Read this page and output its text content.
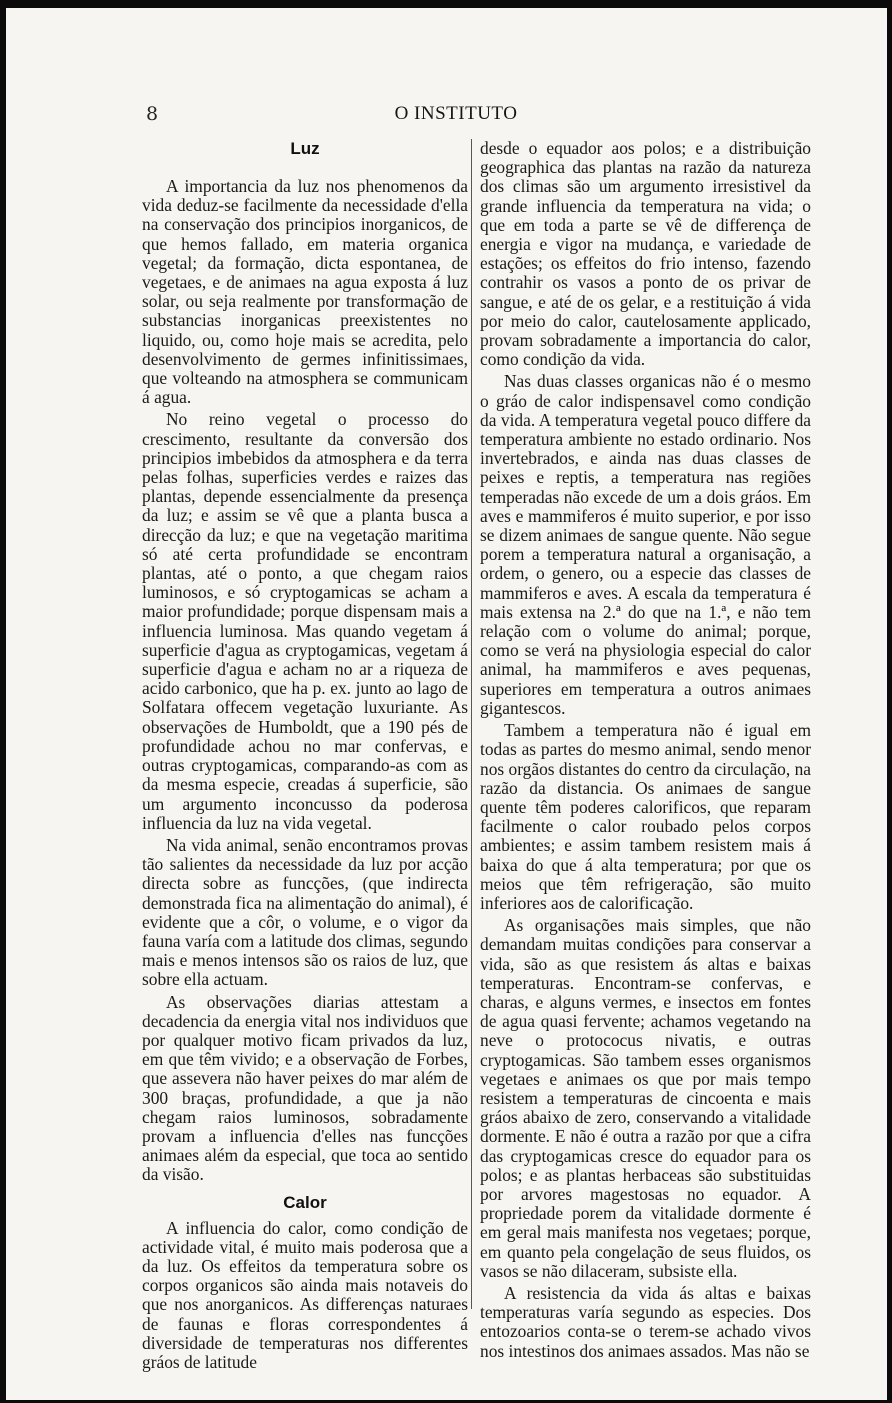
8	O INSTITUTO
Luz

A importancia da luz nos phenomenos da vida deduz-se facilmente da necessidade d'ella na conservação dos principios inorganicos, de que hemos fallado, em materia organica vegetal; da formação, dicta espontanea, de vegetaes, e de animaes na agua exposta á luz solar, ou seja realmente por transformação de substancias inorganicas preexistentes no liquido, ou, como hoje mais se acredita, pelo desenvolvimento de germes infinitissimaes, que volteando na atmosphera se communicam á agua.

No reino vegetal o processo do crescimento, resultante da conversão dos principios imbebidos da atmosphera e da terra pelas folhas, superficies verdes e raizes das plantas, depende essencialmente da presença da luz; e assim se vê que a planta busca a direcção da luz; e que na vegetação maritima só até certa profundidade se encontram plantas, até o ponto, a que chegam raios luminosos, e só cryptogamicas se acham a maior profundidade; porque dispensam mais a influencia luminosa. Mas quando vegetam á superficie d'agua as cryptogamicas, vegetam á superficie d'agua e acham no ar a riqueza de acido carbonico, que ha p. ex. junto ao lago de Solfatara offecem vegetação luxuriante. As observações de Humboldt, que a 190 pés de profundidade achou no mar confervas, e outras cryptogamicas, comparando-as com as da mesma especie, creadas á superficie, são um argumento inconcusso da poderosa influencia da luz na vida vegetal.

Na vida animal, senão encontramos provas tão salientes da necessidade da luz por acção directa sobre as funcções, (que indirecta demonstrada fica na alimentação do animal), é evidente que a côr, o volume, e o vigor da fauna varía com a latitude dos climas, segundo mais e menos intensos são os raios de luz, que sobre ella actuam.

As observações diarias attestam a decadencia da energia vital nos individuos que por qualquer motivo ficam privados da luz, em que têm vivido; e a observação de Forbes, que assevera não haver peixes do mar além de 300 braças, profundidade, a que ja não chegam raios luminosos, sobradamente provam a influencia d'elles nas funcções animaes além da especial, que toca ao sentido da visão.

Calor

A influencia do calor, como condição de actividade vital, é muito mais poderosa que a da luz. Os effeitos da temperatura sobre os corpos organicos são ainda mais notaveis do que nos anorganicos. As differenças naturaes de faunas e floras correspondentes á diversidade de temperaturas nos differentes gráos de latitude

desde o equador aos polos; e a distribuição geographica das plantas na razão da natureza dos climas são um argumento irresistivel da grande influencia da temperatura na vida; o que em toda a parte se vê de differença de energia e vigor na mudança, e variedade de estações; os effeitos do frio intenso, fazendo contrahir os vasos a ponto de os privar de sangue, e até de os gelar, e a restituição á vida por meio do calor, cautelosamente applicado, provam sobradamente a importancia do calor, como condição da vida.

Nas duas classes organicas não é o mesmo o gráo de calor indispensavel como condição da vida. A temperatura vegetal pouco differe da temperatura ambiente no estado ordinario. Nos invertebrados, e ainda nas duas classes de peixes e reptis, a temperatura nas regiões temperadas não excede de um a dois gráos. Em aves e mammiferos é muito superior, e por isso se dizem animaes de sangue quente. Não segue porem a temperatura natural a organisação, a ordem, o genero, ou a especie das classes de mammiferos e aves. A escala da temperatura é mais extensa na 2.ª do que na 1.ª, e não tem relação com o volume do animal; porque, como se verá na physiologia especial do calor animal, ha mammiferos e aves pequenas, superiores em temperatura a outros animaes gigantescos.

Tambem a temperatura não é igual em todas as partes do mesmo animal, sendo menor nos orgãos distantes do centro da circulação, na razão da distancia. Os animaes de sangue quente têm poderes calorificos, que reparam facilmente o calor roubado pelos corpos ambientes; e assim tambem resistem mais á baixa do que á alta temperatura; por que os meios que têm refrigeração, são muito inferiores aos de calorificação.

As organisações mais simples, que não demandam muitas condições para conservar a vida, são as que resistem ás altas e baixas temperaturas. Encontram-se confervas, e charas, e alguns vermes, e insectos em fontes de agua quasi fervente; achamos vegetando na neve o protococus nivatis, e outras cryptogamicas. São tambem esses organismos vegetaes e animaes os que por mais tempo resistem a temperaturas de cincoenta e mais gráos abaixo de zero, conservando a vitalidade dormente. E não é outra a razão por que a cifra das cryptogamicas cresce do equador para os polos; e as plantas herbaceas são substituidas por arvores magestosas no equador. A propriedade porem da vitalidade dormente é em geral mais manifesta nos vegetaes; porque, em quanto pela congelação de seus fluidos, os vasos se não dilaceram, subsiste ella.

A resistencia da vida ás altas e baixas temperaturas varía segundo as especies. Dos entozoarios conta-se o terem-se achado vivos nos intestinos dos animaes assados. Mas não se
